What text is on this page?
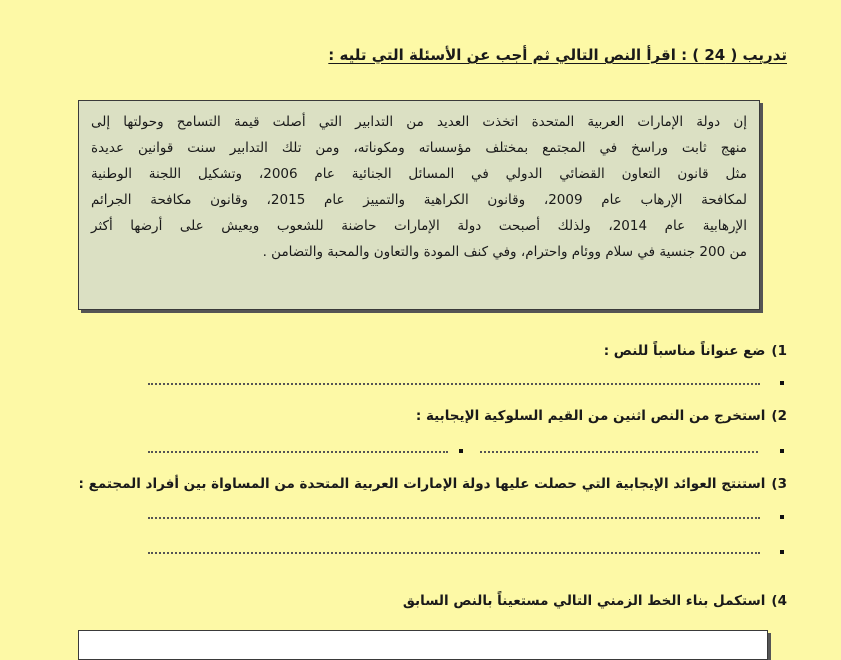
تدريب ( 24 ) : اقرأ النص التالي ثم أجب عن الأسئلة التي تليه :
إن دولة الإمارات العربية المتحدة اتخذت العديد من التدابير التي أصلت قيمة التسامح وحولتها إلى
منهج ثابت وراسخ في المجتمع بمختلف مؤسساته ومكوناته، ومن تلك التدابير سنت قوانين عديدة
مثل قانون التعاون القضائي الدولي في المسائل الجنائية عام 2006، وتشكيل اللجنة الوطنية
لمكافحة الإرهاب عام 2009، وقانون الكراهية والتمييز عام 2015، وقانون مكافحة الجرائم
الإرهابية عام 2014، ولذلك أصبحت دولة الإمارات حاضنة للشعوب ويعيش على أرضها أكثر
من 200 جنسية في سلام ووئام واحترام، وفي كنف المودة والتعاون والمحبة والتضامن .
1)ضع عنواناً مناسباً للنص :
2)استخرج من النص اثنين من القيم السلوكية الإيجابية :
3)استنتج العوائد الإيجابية التي حصلت عليها دولة الإمارات العربية المتحدة من المساواة بين أفراد المجتمع :
4)استكمل بناء الخط الزمني التالي مستعيناً بالنص السابق
